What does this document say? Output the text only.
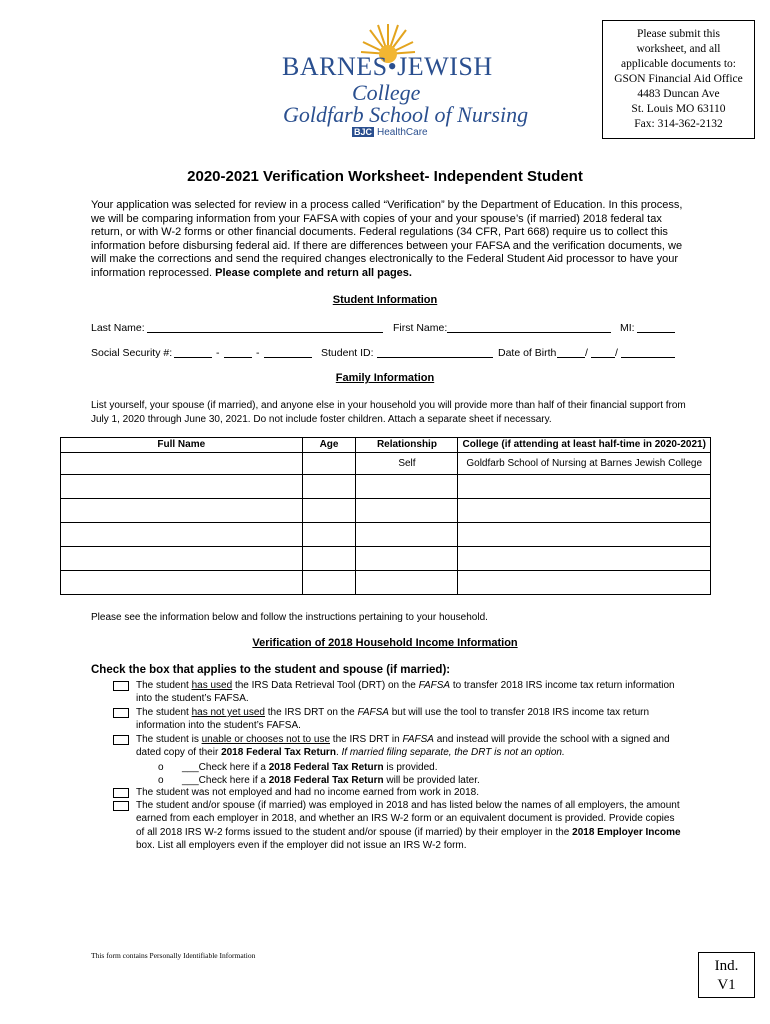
BARNES•JEWISH
College
Goldfarb School of Nursing
BJC HealthCare
Please submit this
worksheet, and all
applicable documents to:
GSON Financial Aid Office
4483 Duncan Ave
St. Louis MO 63110
Fax: 314-362-2132
2020-2021 Verification Worksheet- Independent Student
Your application was selected for review in a process called “Verification” by the Department of Education. In this process, we will be comparing information from your FAFSA with copies of your and your spouse’s (if married) 2018 federal tax return, or with W-2 forms or other financial documents. Federal regulations (34 CFR, Part 668) require us to collect this information before disbursing federal aid. If there are differences between your FAFSA and the verification documents, we will make the corrections and send the required changes electronically to the Federal Student Aid processor to have your information reprocessed. Please complete and return all pages.
Student Information
Last Name:	First Name:	MI:
Social Security #:	-	-	Student ID:	Date of Birth	/	/
Family Information
List yourself, your spouse (if married), and anyone else in your household you will provide more than half of their financial support from July 1, 2020 through June 30, 2021. Do not include foster children. Attach a separate sheet if necessary.
Full Name	Age	Relationship	College (if attending at least half-time in 2020-2021)
		Self	Goldfarb School of Nursing at Barnes Jewish College

Please see the information below and follow the instructions pertaining to your household.
Verification of 2018 Household Income Information
Check the box that applies to the student and spouse (if married):
The student has used the IRS Data Retrieval Tool (DRT) on the FAFSA to transfer 2018 IRS income tax return information into the student’s FAFSA.
The student has not yet used the IRS DRT on the FAFSA but will use the tool to transfer 2018 IRS income tax return information into the student’s FAFSA.
The student is unable or chooses not to use the IRS DRT in FAFSA and instead will provide the school with a signed and dated copy of their 2018 Federal Tax Return. If married filing separate, the DRT is not an option.
o ___Check here if a 2018 Federal Tax Return is provided.
o ___Check here if a 2018 Federal Tax Return will be provided later.
The student was not employed and had no income earned from work in 2018.
The student and/or spouse (if married) was employed in 2018 and has listed below the names of all employers, the amount earned from each employer in 2018, and whether an IRS W-2 form or an equivalent document is provided. Provide copies of all 2018 IRS W-2 forms issued to the student and/or spouse (if married) by their employer in the 2018 Employer Income box. List all employers even if the employer did not issue an IRS W-2 form.
This form contains Personally Identifiable Information
Ind.
V1
